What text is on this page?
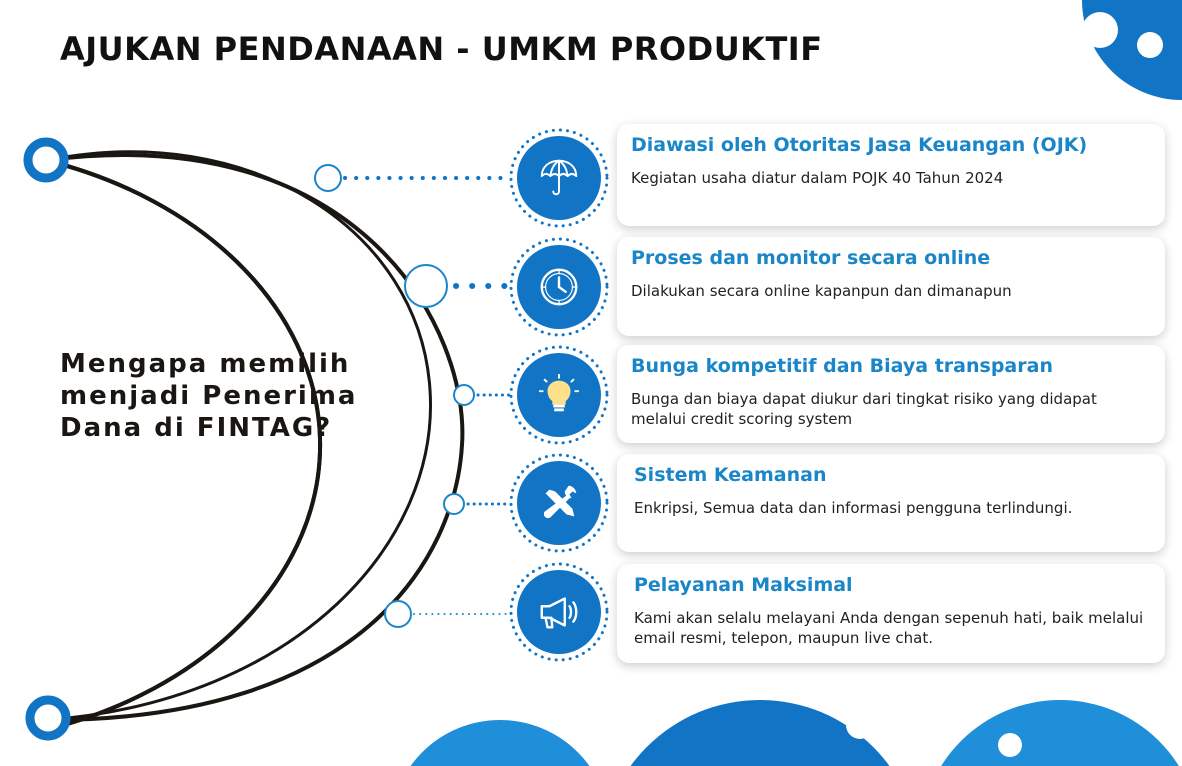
AJUKAN PENDANAAN - UMKM PRODUKTIF

Mengapa memilih menjadi Penerima Dana di FINTAG?

Diawasi oleh Otoritas Jasa Keuangan (OJK)

Kegiatan usaha diatur dalam POJK 40 Tahun 2024

Proses dan monitor secara online

Dilakukan secara online kapanpun dan dimanapun

Bunga kompetitif dan Biaya transparan

Bunga dan biaya dapat diukur dari tingkat risiko yang didapat melalui credit scoring system

Sistem Keamanan

Enkripsi, Semua data dan informasi pengguna terlindungi.

Pelayanan Maksimal

Kami akan selalu melayani Anda dengan sepenuh hati, baik melalui email resmi, telepon, maupun live chat.
